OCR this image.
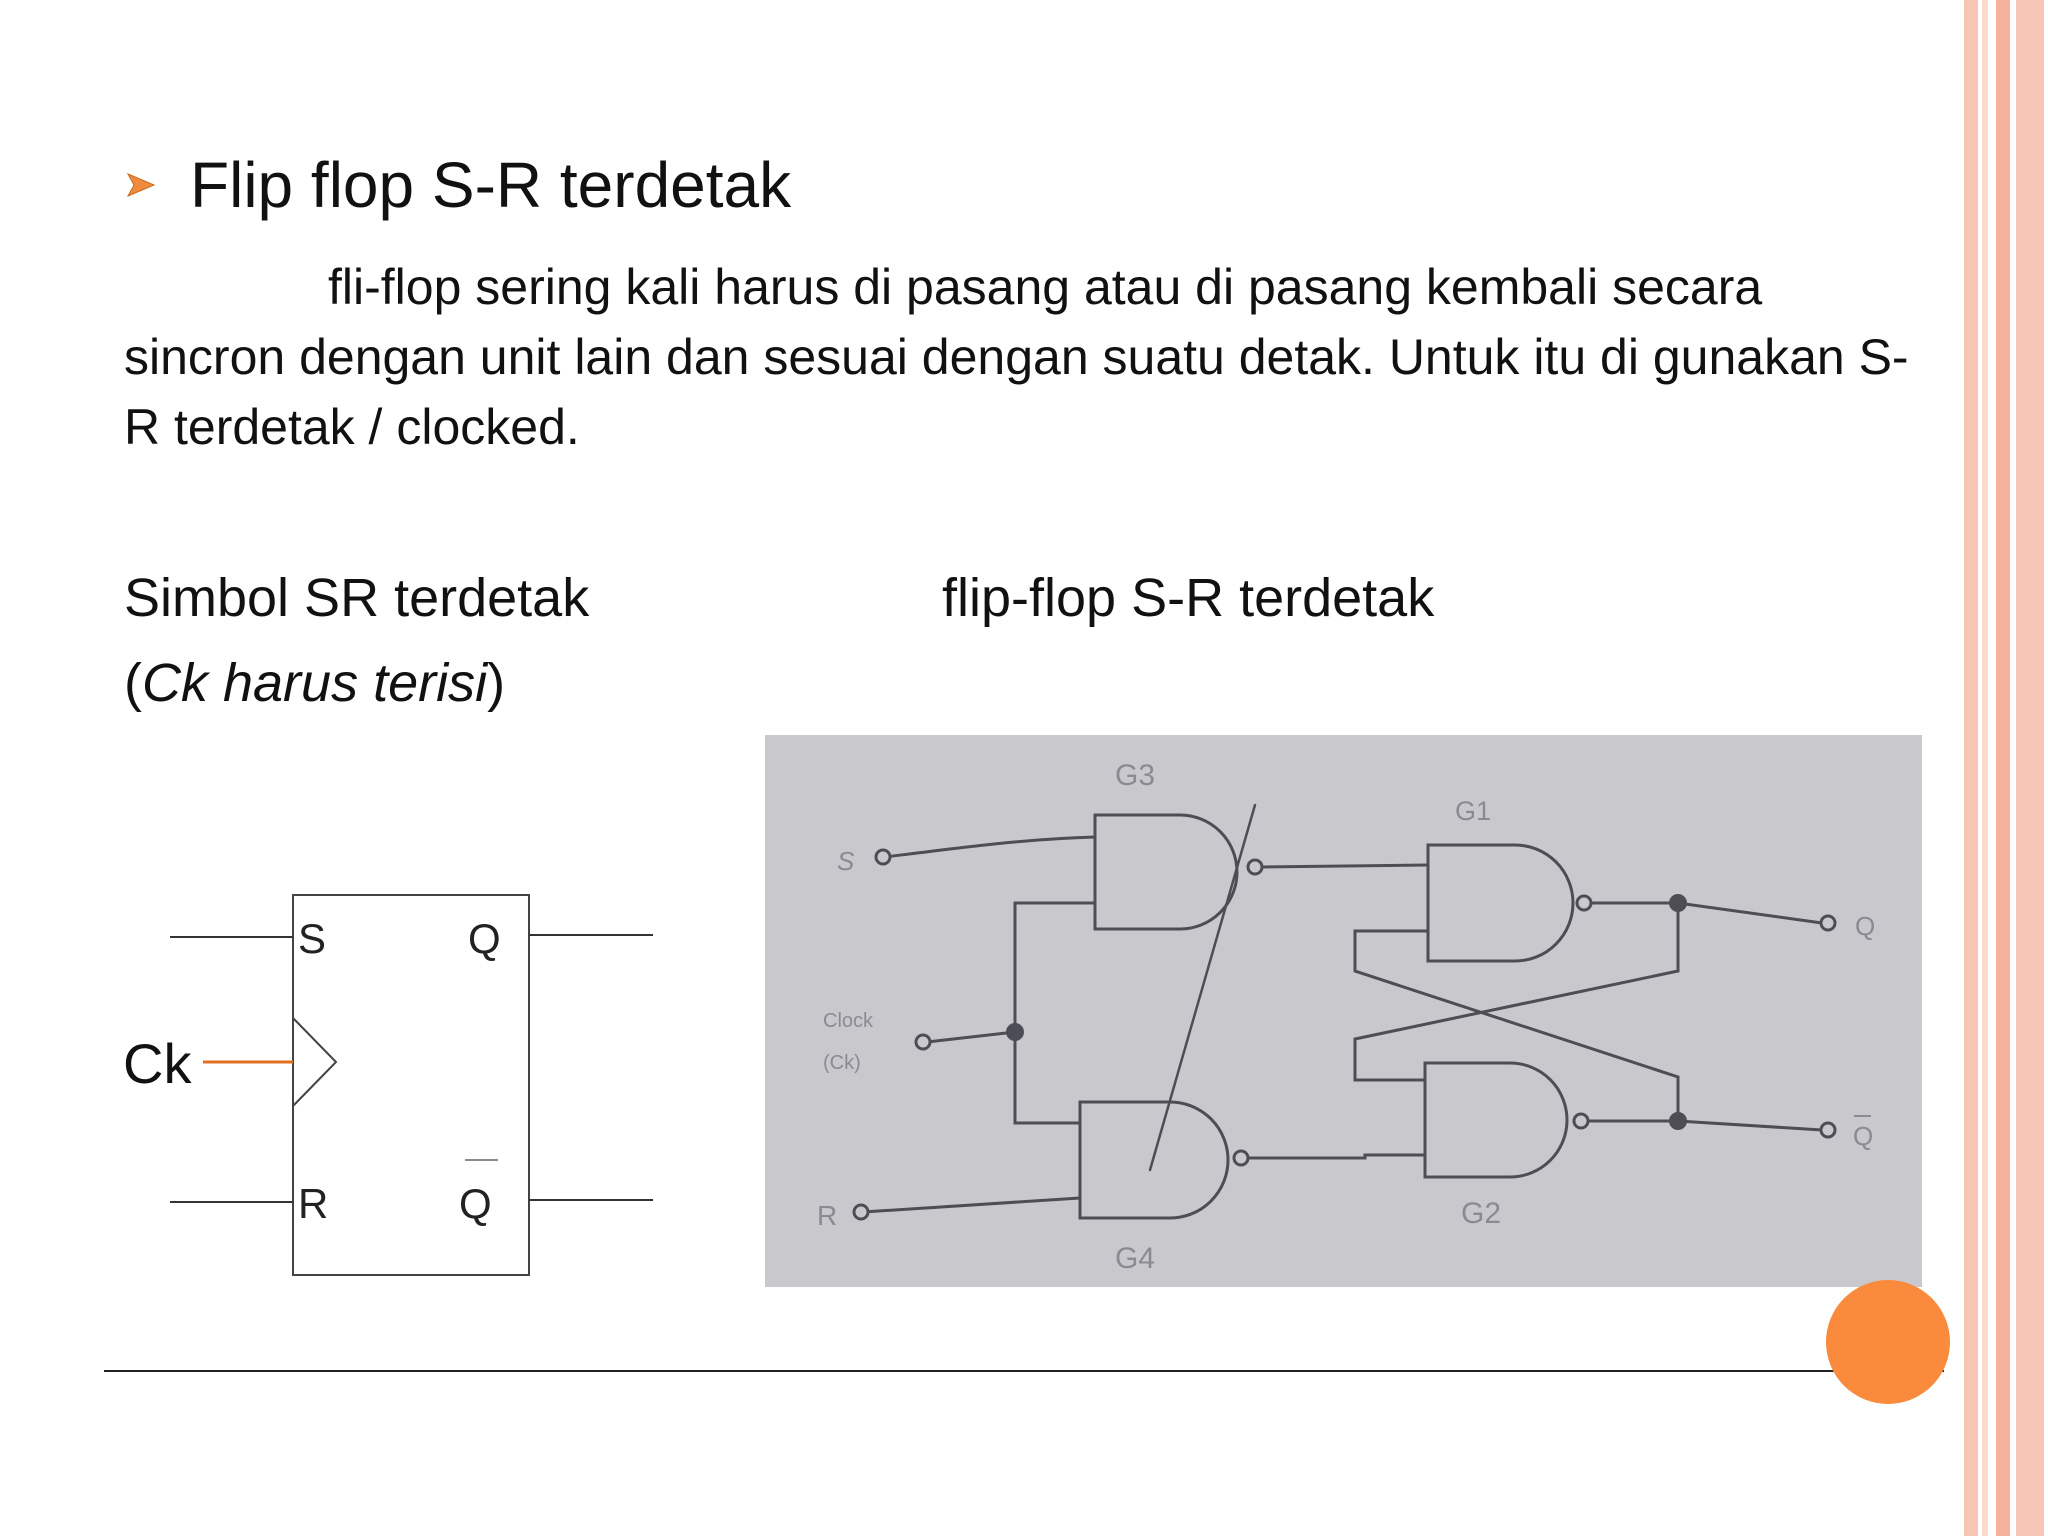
Flip flop S-R terdetak
fli-flop sering kali harus di pasang atau di pasang kembali secara sincron dengan unit lain dan sesuai dengan suatu detak. Untuk itu di gunakan S-R terdetak / clocked.
Simbol SR terdetak
(Ck harus terisi)
flip-flop S-R terdetak
S
R
Q
Q
Ck
G3
G1
G4
G2
S
R
Clock
(Ck)
Q
Q
